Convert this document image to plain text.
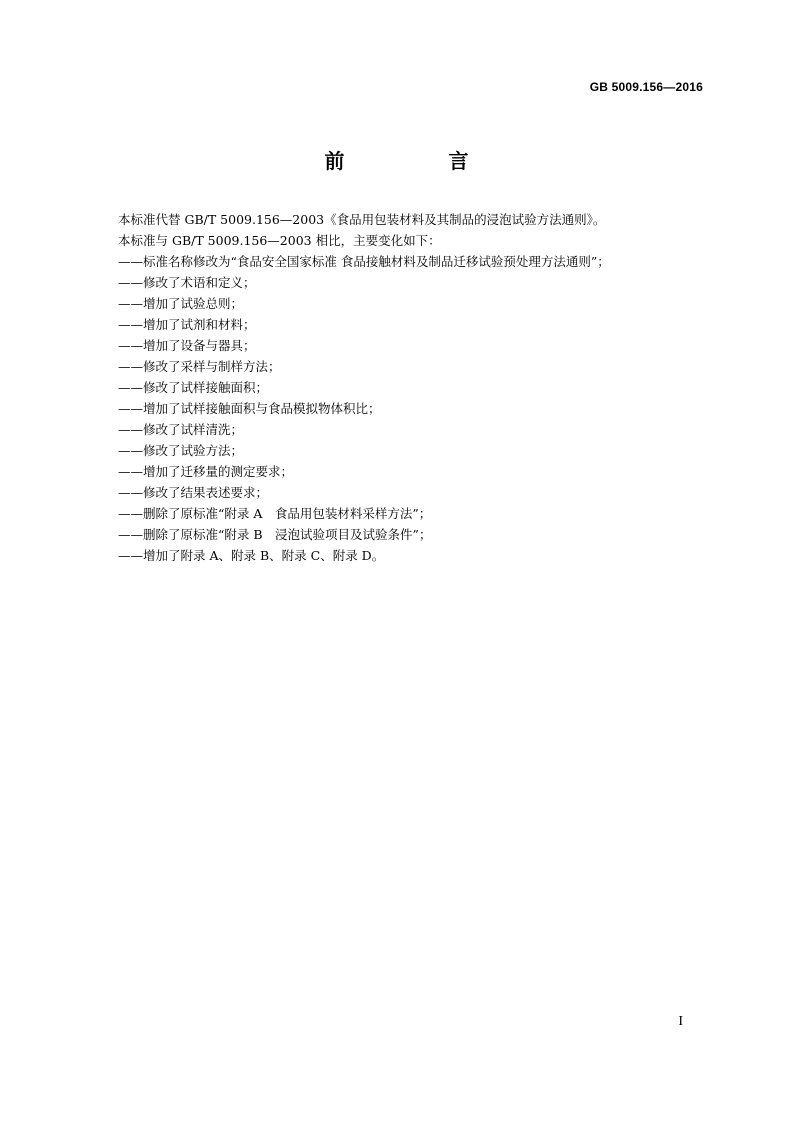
GB 5009.156—2016
前　言

本标准代替 GB/T 5009.156—2003《食品用包装材料及其制品的浸泡试验方法通则》。

本标准与 GB/T 5009.156—2003 相比，主要变化如下：

——标准名称修改为“食品安全国家标准 食品接触材料及制品迁移试验预处理方法通则”；

——修改了术语和定义；

——增加了试验总则；

——增加了试剂和材料；

——增加了设备与器具；

——修改了采样与制样方法；

——修改了试样接触面积；

——增加了试样接触面积与食品模拟物体积比；

——修改了试样清洗；

——修改了试验方法；

——增加了迁移量的测定要求；

——修改了结果表述要求；

——删除了原标准“附录 A　食品用包装材料采样方法”；

——删除了原标准“附录 B　浸泡试验项目及试验条件”；

——增加了附录 A、附录 B、附录 C、附录 D。

I
